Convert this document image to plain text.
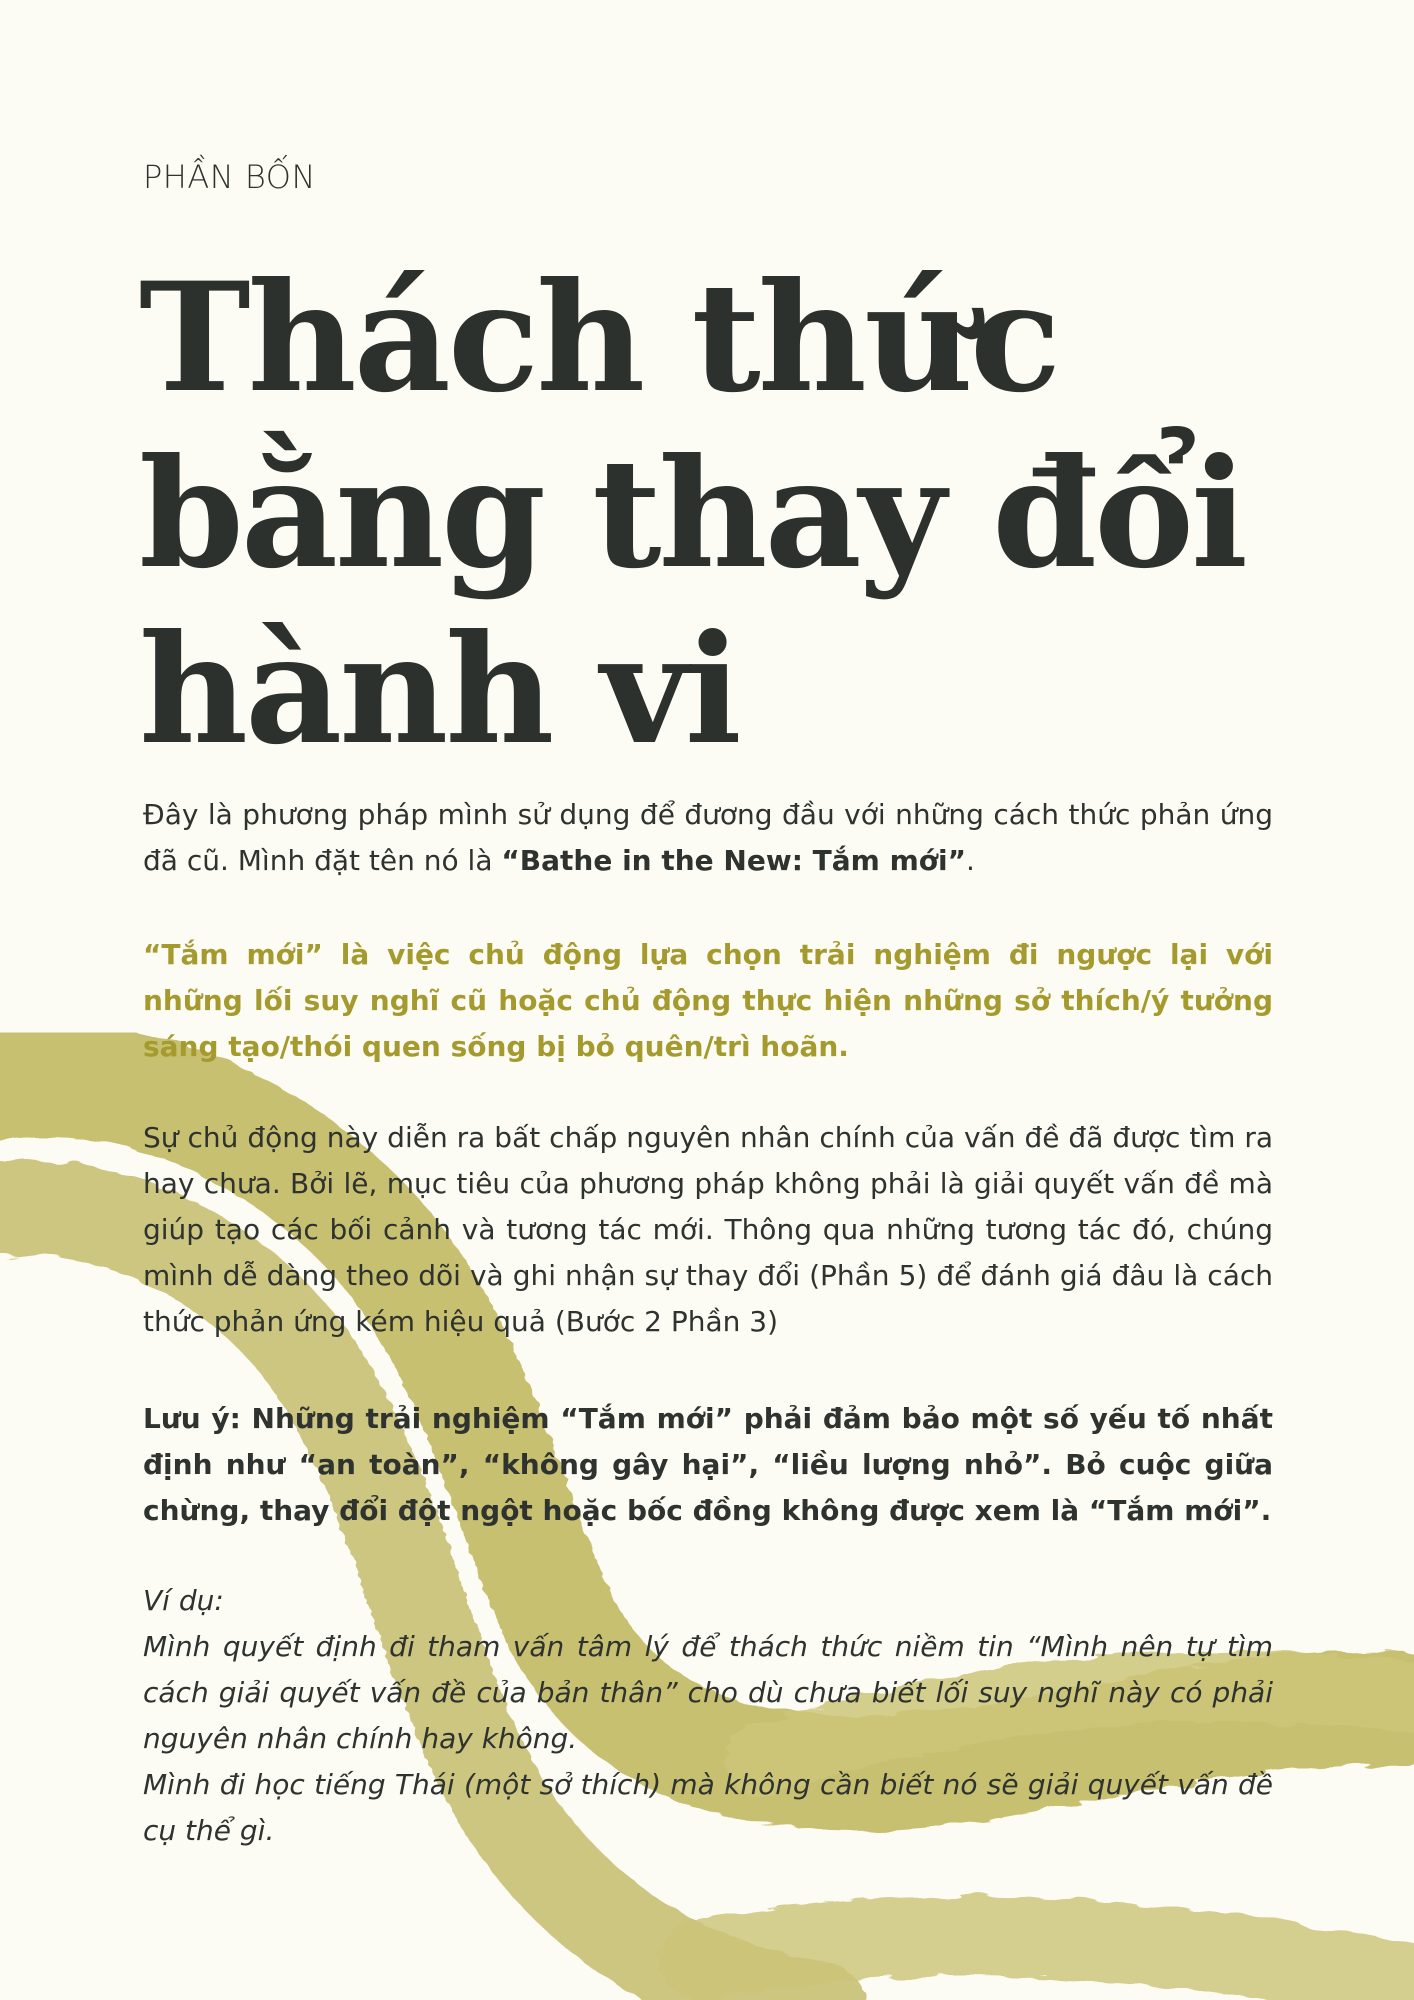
PHẦN BỐN
Thách thức
bằng thay đổi
hành vi

Đây là phương pháp mình sử dụng để đương đầu với những cách thức phản ứng đã cũ. Mình đặt tên nó là “Bathe in the New: Tắm mới”.

“Tắm mới” là việc chủ động lựa chọn trải nghiệm đi ngược lại với những lối suy nghĩ cũ hoặc chủ động thực hiện những sở thích/ý tưởng sáng tạo/thói quen sống bị bỏ quên/trì hoãn.

Sự chủ động này diễn ra bất chấp nguyên nhân chính của vấn đề đã được tìm ra hay chưa. Bởi lẽ, mục tiêu của phương pháp không phải là giải quyết vấn đề mà giúp tạo các bối cảnh và tương tác mới. Thông qua những tương tác đó, chúng mình dễ dàng theo dõi và ghi nhận sự thay đổi (Phần 5) để đánh giá đâu là cách thức phản ứng kém hiệu quả (Bước 2 Phần 3)

Lưu ý: Những trải nghiệm “Tắm mới” phải đảm bảo một số yếu tố nhất định như “an toàn”, “không gây hại”, “liều lượng nhỏ”. Bỏ cuộc giữa chừng, thay đổi đột ngột hoặc bốc đồng không được xem là “Tắm mới”.

Ví dụ:
Mình quyết định đi tham vấn tâm lý để thách thức niềm tin “Mình nên tự tìm cách giải quyết vấn đề của bản thân” cho dù chưa biết lối suy nghĩ này có phải nguyên nhân chính hay không.
Mình đi học tiếng Thái (một sở thích) mà không cần biết nó sẽ giải quyết vấn đề cụ thể gì.
